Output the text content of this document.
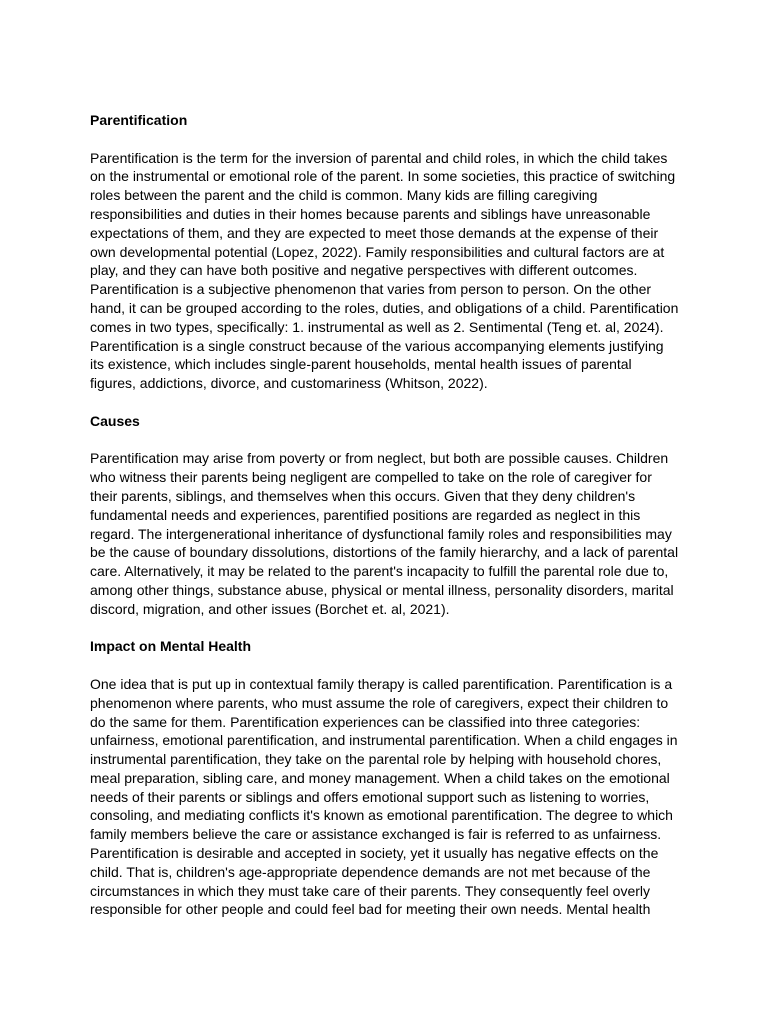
Parentification

Parentification is the term for the inversion of parental and child roles, in which the child takes on the instrumental or emotional role of the parent. In some societies, this practice of switching roles between the parent and the child is common. Many kids are filling caregiving responsibilities and duties in their homes because parents and siblings have unreasonable expectations of them, and they are expected to meet those demands at the expense of their own developmental potential (Lopez, 2022). Family responsibilities and cultural factors are at play, and they can have both positive and negative perspectives with different outcomes. Parentification is a subjective phenomenon that varies from person to person. On the other hand, it can be grouped according to the roles, duties, and obligations of a child. Parentification comes in two types, specifically: 1. instrumental as well as 2. Sentimental (Teng et. al, 2024). Parentification is a single construct because of the various accompanying elements justifying its existence, which includes single-parent households, mental health issues of parental figures, addictions, divorce, and customariness (Whitson, 2022).

Causes

Parentification may arise from poverty or from neglect, but both are possible causes. Children who witness their parents being negligent are compelled to take on the role of caregiver for their parents, siblings, and themselves when this occurs. Given that they deny children's fundamental needs and experiences, parentified positions are regarded as neglect in this regard. The intergenerational inheritance of dysfunctional family roles and responsibilities may be the cause of boundary dissolutions, distortions of the family hierarchy, and a lack of parental care. Alternatively, it may be related to the parent's incapacity to fulfill the parental role due to, among other things, substance abuse, physical or mental illness, personality disorders, marital discord, migration, and other issues (Borchet et. al, 2021).

Impact on Mental Health

One idea that is put up in contextual family therapy is called parentification. Parentification is a phenomenon where parents, who must assume the role of caregivers, expect their children to do the same for them. Parentification experiences can be classified into three categories: unfairness, emotional parentification, and instrumental parentification. When a child engages in instrumental parentification, they take on the parental role by helping with household chores, meal preparation, sibling care, and money management. When a child takes on the emotional needs of their parents or siblings and offers emotional support such as listening to worries, consoling, and mediating conflicts it's known as emotional parentification. The degree to which family members believe the care or assistance exchanged is fair is referred to as unfairness. Parentification is desirable and accepted in society, yet it usually has negative effects on the child. That is, children's age-appropriate dependence demands are not met because of the circumstances in which they must take care of their parents. They consequently feel overly responsible for other people and could feel bad for meeting their own needs. Mental health
